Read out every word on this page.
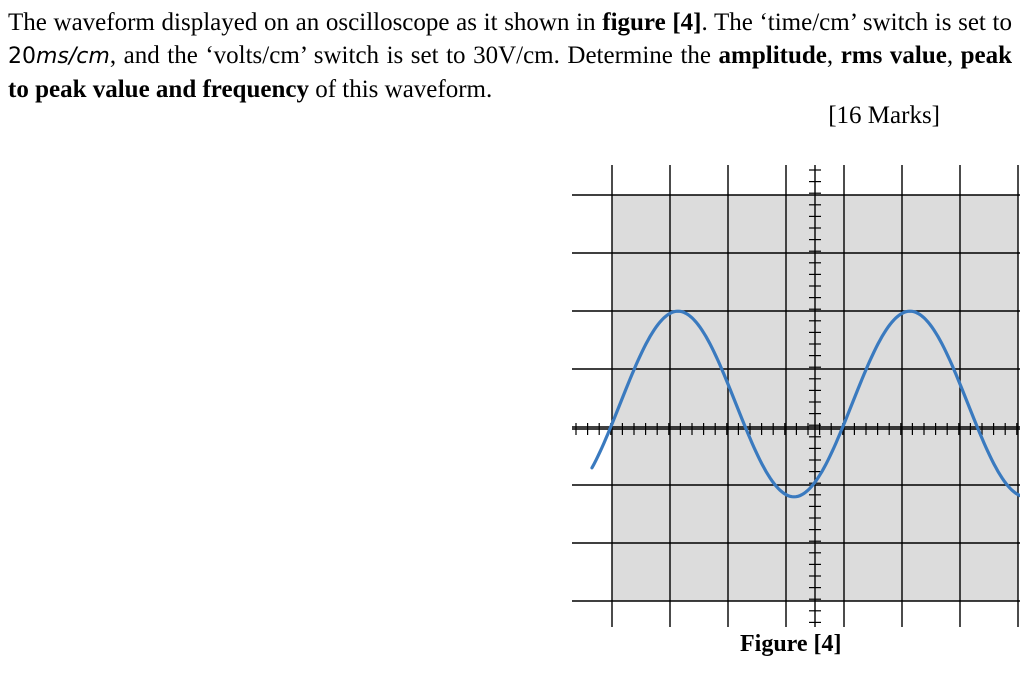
The waveform displayed on an oscilloscope as it shown in figure [4]. The ‘time/cm’ switch is set to 20ms/cm, and the ‘volts/cm’ switch is set to 30V/cm. Determine the amplitude, rms value, peak to peak value and frequency of this waveform.
[16 Marks]
Figure [4]
